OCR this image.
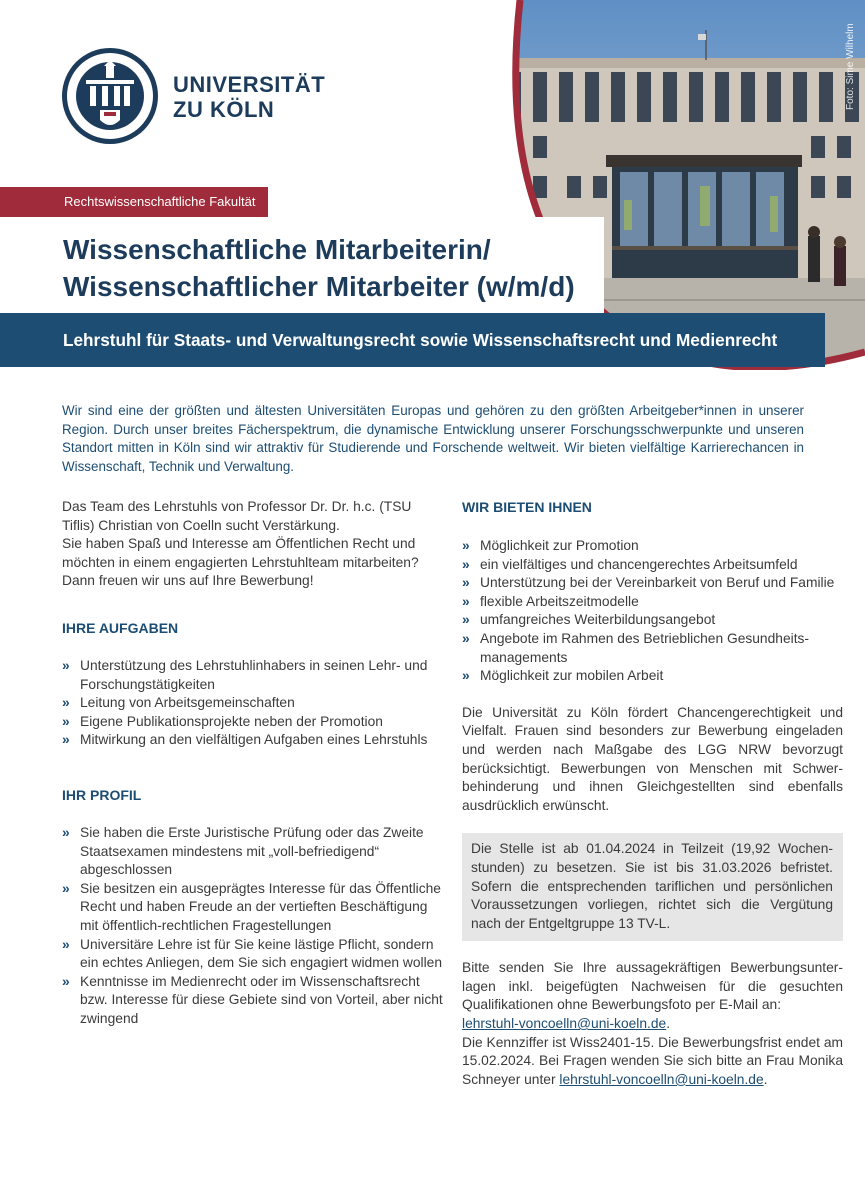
Foto: Sime Wilhelm
UNIVERSITÄT
ZU KÖLN
Rechtswissenschaftliche Fakultät
Wissenschaftliche Mitarbeiterin/
Wissenschaftlicher Mitarbeiter (w/m/d)
Lehrstuhl für Staats- und Verwaltungsrecht sowie Wissenschaftsrecht und Medienrecht

Wir sind eine der größten und ältesten Universitäten Europas und gehören zu den größten Arbeitgeber*innen in unserer Region. Durch unser breites Fächerspektrum, die dynamische Entwicklung unserer Forschungsschwerpunkte und unseren Standort mitten in Köln sind wir attraktiv für Studierende und Forschende weltweit. Wir bieten vielfältige Karrierechancen in Wissenschaft, Technik und Verwaltung.

Das Team des Lehrstuhls von Professor Dr. Dr. h.c. (TSU Tiflis) Christian von Coelln sucht Verstärkung.

Sie haben Spaß und Interesse am Öffentlichen Recht und möchten in einem engagierten Lehrstuhlteam mitarbeiten? Dann freuen wir uns auf Ihre Bewerbung!

IHRE AUFGABEN
» Unterstützung des Lehrstuhlinhabers in seinen Lehr- und Forschungstätigkeiten
» Leitung von Arbeitsgemeinschaften
» Eigene Publikationsprojekte neben der Promotion
» Mitwirkung an den vielfältigen Aufgaben eines Lehrstuhls
IHR PROFIL
» Sie haben die Erste Juristische Prüfung oder das Zweite Staatsexamen mindestens mit „voll-befriedigend“ abgeschlossen
» Sie besitzen ein ausgeprägtes Interesse für das Öffentliche Recht und haben Freude an der vertieften Beschäftigung mit öffentlich-rechtlichen Fragestellungen
» Universitäre Lehre ist für Sie keine lästige Pflicht, sondern ein echtes Anliegen, dem Sie sich engagiert widmen wollen
» Kenntnisse im Medienrecht oder im Wissenschaftsrecht bzw. Interesse für diese Gebiete sind von Vorteil, aber nicht zwingend
WIR BIETEN IHNEN
» Möglichkeit zur Promotion
» ein vielfältiges und chancengerechtes Arbeitsumfeld
» Unterstützung bei der Vereinbarkeit von Beruf und Familie
» flexible Arbeitszeitmodelle
» umfangreiches Weiterbildungsangebot
» Angebote im Rahmen des Betrieblichen Gesundheits-managements
» Möglichkeit zur mobilen Arbeit

Die Universität zu Köln fördert Chancengerechtigkeit und Vielfalt. Frauen sind besonders zur Bewerbung eingeladen und werden nach Maßgabe des LGG NRW bevorzugt berücksichtigt. Bewerbungen von Menschen mit Schwer-behinderung und ihnen Gleichgestellten sind ebenfalls ausdrücklich erwünscht.

Die Stelle ist ab 01.04.2024 in Teilzeit (19,92 Wochen-stunden) zu besetzen. Sie ist bis 31.03.2026 befristet. Sofern die entsprechenden tariflichen und persönlichen Voraussetzungen vorliegen, richtet sich die Vergütung nach der Entgeltgruppe 13 TV-L.

Bitte senden Sie Ihre aussagekräftigen Bewerbungsunter-lagen inkl. beigefügten Nachweisen für die gesuchten Qualifikationen ohne Bewerbungsfoto per E-Mail an:
lehrstuhl-voncoelln@uni-koeln.de.
Die Kennziffer ist Wiss2401-15. Die Bewerbungsfrist endet am 15.02.2024. Bei Fragen wenden Sie sich bitte an Frau Monika Schneyer unter lehrstuhl-voncoelln@uni-koeln.de.
